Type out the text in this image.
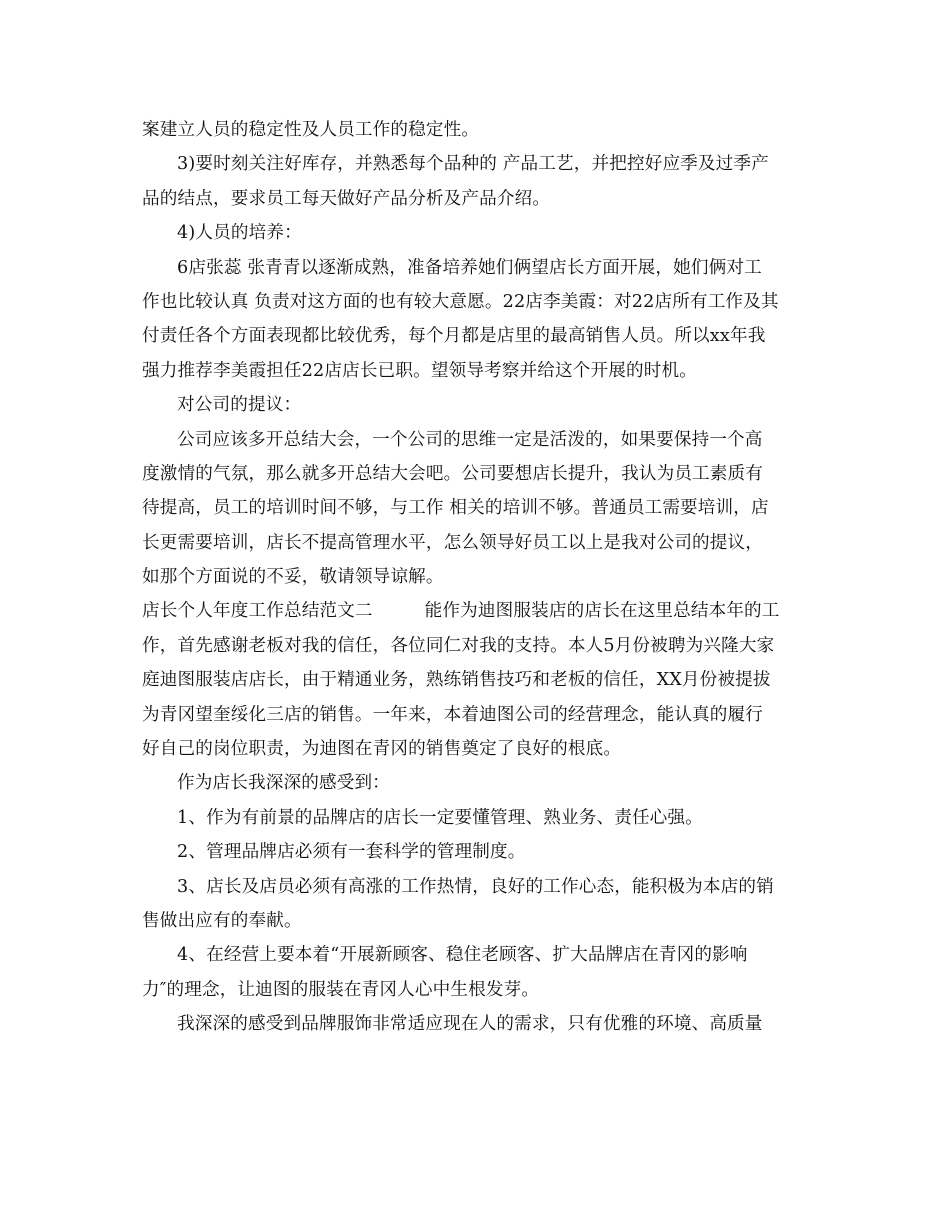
案建立人员的稳定性及人员工作的稳定性。
3)要时刻关注好库存，并熟悉每个品种的 产品工艺，并把控好应季及过季产
品的结点，要求员工每天做好产品分析及产品介绍。
4)人员的培养：
6店张蕊 张青青以逐渐成熟，准备培养她们俩望店长方面开展，她们俩对工
作也比较认真 负责对这方面的也有较大意愿。22店李美霞：对22店所有工作及其
付责任各个方面表现都比较优秀，每个月都是店里的最高销售人员。所以xx年我
强力推荐李美霞担任22店店长已职。望领导考察并给这个开展的时机。
对公司的提议：
公司应该多开总结大会，一个公司的思维一定是活泼的，如果要保持一个高
度激情的气氛，那么就多开总结大会吧。公司要想店长提升，我认为员工素质有
待提高，员工的培训时间不够，与工作 相关的培训不够。普通员工需要培训，店
长更需要培训，店长不提高管理水平，怎么领导好员工以上是我对公司的提议，
如那个方面说的不妥，敬请领导谅解。
店长个人年度工作总结范文二	能作为迪图服装店的店长在这里总结本年的工
作，首先感谢老板对我的信任，各位同仁对我的支持。本人5月份被聘为兴隆大家
庭迪图服装店店长，由于精通业务，熟练销售技巧和老板的信任，XX月份被提拔
为青冈望奎绥化三店的销售。一年来，本着迪图公司的经营理念，能认真的履行
好自己的岗位职责，为迪图在青冈的销售奠定了良好的根底。
作为店长我深深的感受到：
1、作为有前景的品牌店的店长一定要懂管理、熟业务、责任心强。
2、管理品牌店必须有一套科学的管理制度。
3、店长及店员必须有高涨的工作热情，良好的工作心态，能积极为本店的销
售做出应有的奉献。
4、在经营上要本着“开展新顾客、稳住老顾客、扩大品牌店在青冈的影响
力″的理念，让迪图的服装在青冈人心中生根发芽。
我深深的感受到品牌服饰非常适应现在人的需求，只有优雅的环境、高质量
